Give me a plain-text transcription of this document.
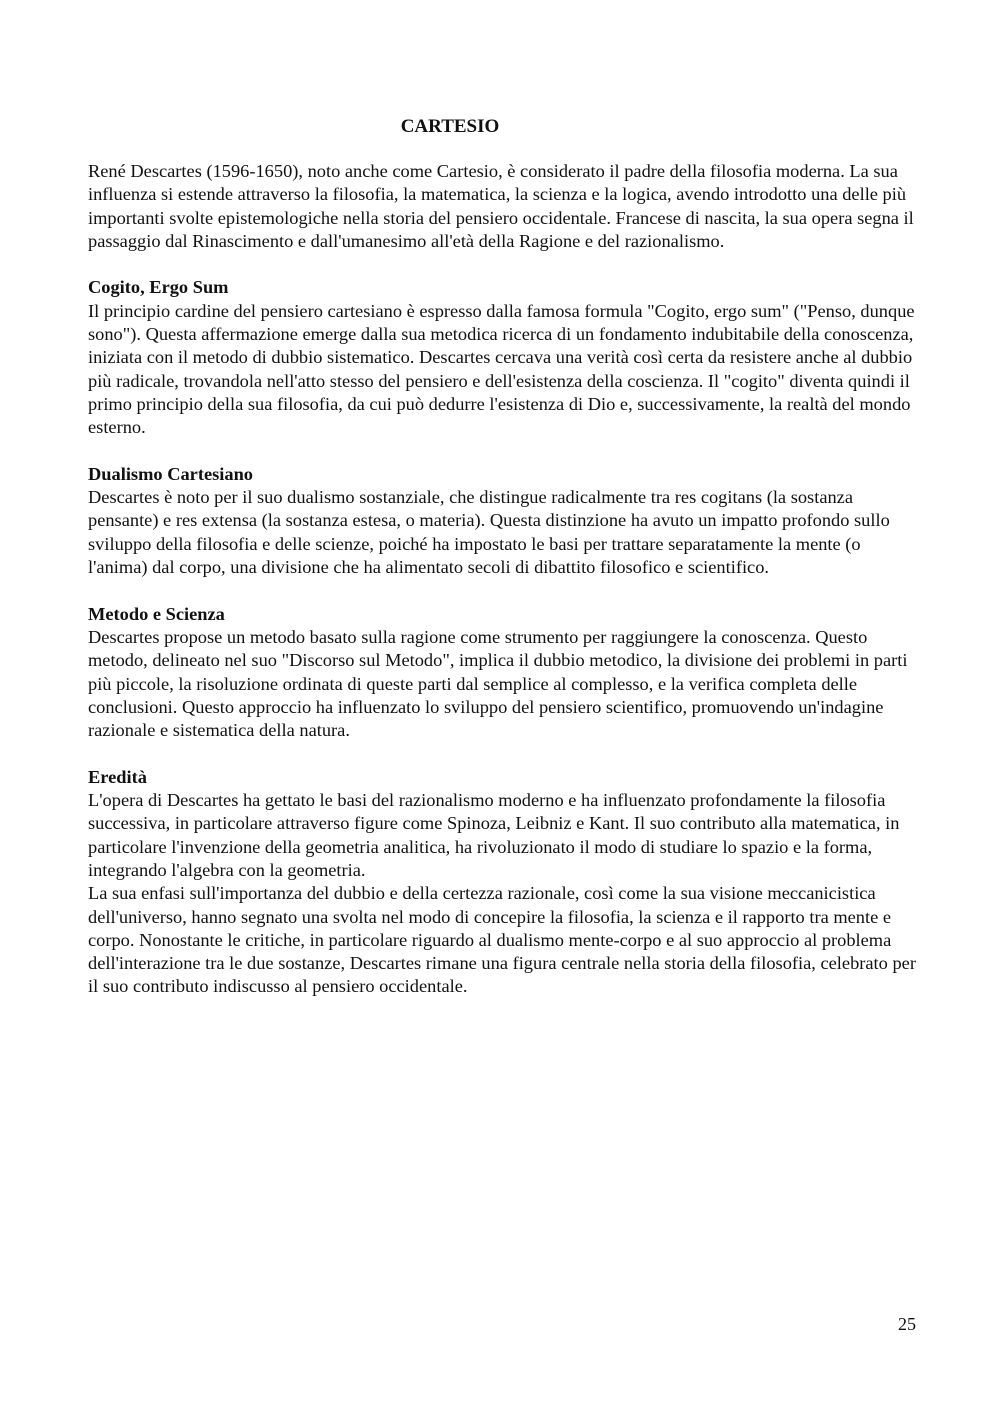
CARTESIO

René Descartes (1596-1650), noto anche come Cartesio, è considerato il padre della filosofia moderna. La sua influenza si estende attraverso la filosofia, la matematica, la scienza e la logica, avendo introdotto una delle più importanti svolte epistemologiche nella storia del pensiero occidentale. Francese di nascita, la sua opera segna il passaggio dal Rinascimento e dall'umanesimo all'età della Ragione e del razionalismo.

Cogito, Ergo Sum

Il principio cardine del pensiero cartesiano è espresso dalla famosa formula "Cogito, ergo sum" ("Penso, dunque sono"). Questa affermazione emerge dalla sua metodica ricerca di un fondamento indubitabile della conoscenza, iniziata con il metodo di dubbio sistematico. Descartes cercava una verità così certa da resistere anche al dubbio più radicale, trovandola nell'atto stesso del pensiero e dell'esistenza della coscienza. Il "cogito" diventa quindi il primo principio della sua filosofia, da cui può dedurre l'esistenza di Dio e, successivamente, la realtà del mondo esterno.

Dualismo Cartesiano

Descartes è noto per il suo dualismo sostanziale, che distingue radicalmente tra res cogitans (la sostanza pensante) e res extensa (la sostanza estesa, o materia). Questa distinzione ha avuto un impatto profondo sullo sviluppo della filosofia e delle scienze, poiché ha impostato le basi per trattare separatamente la mente (o l'anima) dal corpo, una divisione che ha alimentato secoli di dibattito filosofico e scientifico.

Metodo e Scienza

Descartes propose un metodo basato sulla ragione come strumento per raggiungere la conoscenza. Questo metodo, delineato nel suo "Discorso sul Metodo", implica il dubbio metodico, la divisione dei problemi in parti più piccole, la risoluzione ordinata di queste parti dal semplice al complesso, e la verifica completa delle conclusioni. Questo approccio ha influenzato lo sviluppo del pensiero scientifico, promuovendo un'indagine razionale e sistematica della natura.

Eredità

L'opera di Descartes ha gettato le basi del razionalismo moderno e ha influenzato profondamente la filosofia successiva, in particolare attraverso figure come Spinoza, Leibniz e Kant. Il suo contributo alla matematica, in particolare l'invenzione della geometria analitica, ha rivoluzionato il modo di studiare lo spazio e la forma, integrando l'algebra con la geometria.

La sua enfasi sull'importanza del dubbio e della certezza razionale, così come la sua visione meccanicistica dell'universo, hanno segnato una svolta nel modo di concepire la filosofia, la scienza e il rapporto tra mente e corpo. Nonostante le critiche, in particolare riguardo al dualismo mente-corpo e al suo approccio al problema dell'interazione tra le due sostanze, Descartes rimane una figura centrale nella storia della filosofia, celebrato per il suo contributo indiscusso al pensiero occidentale.

25
